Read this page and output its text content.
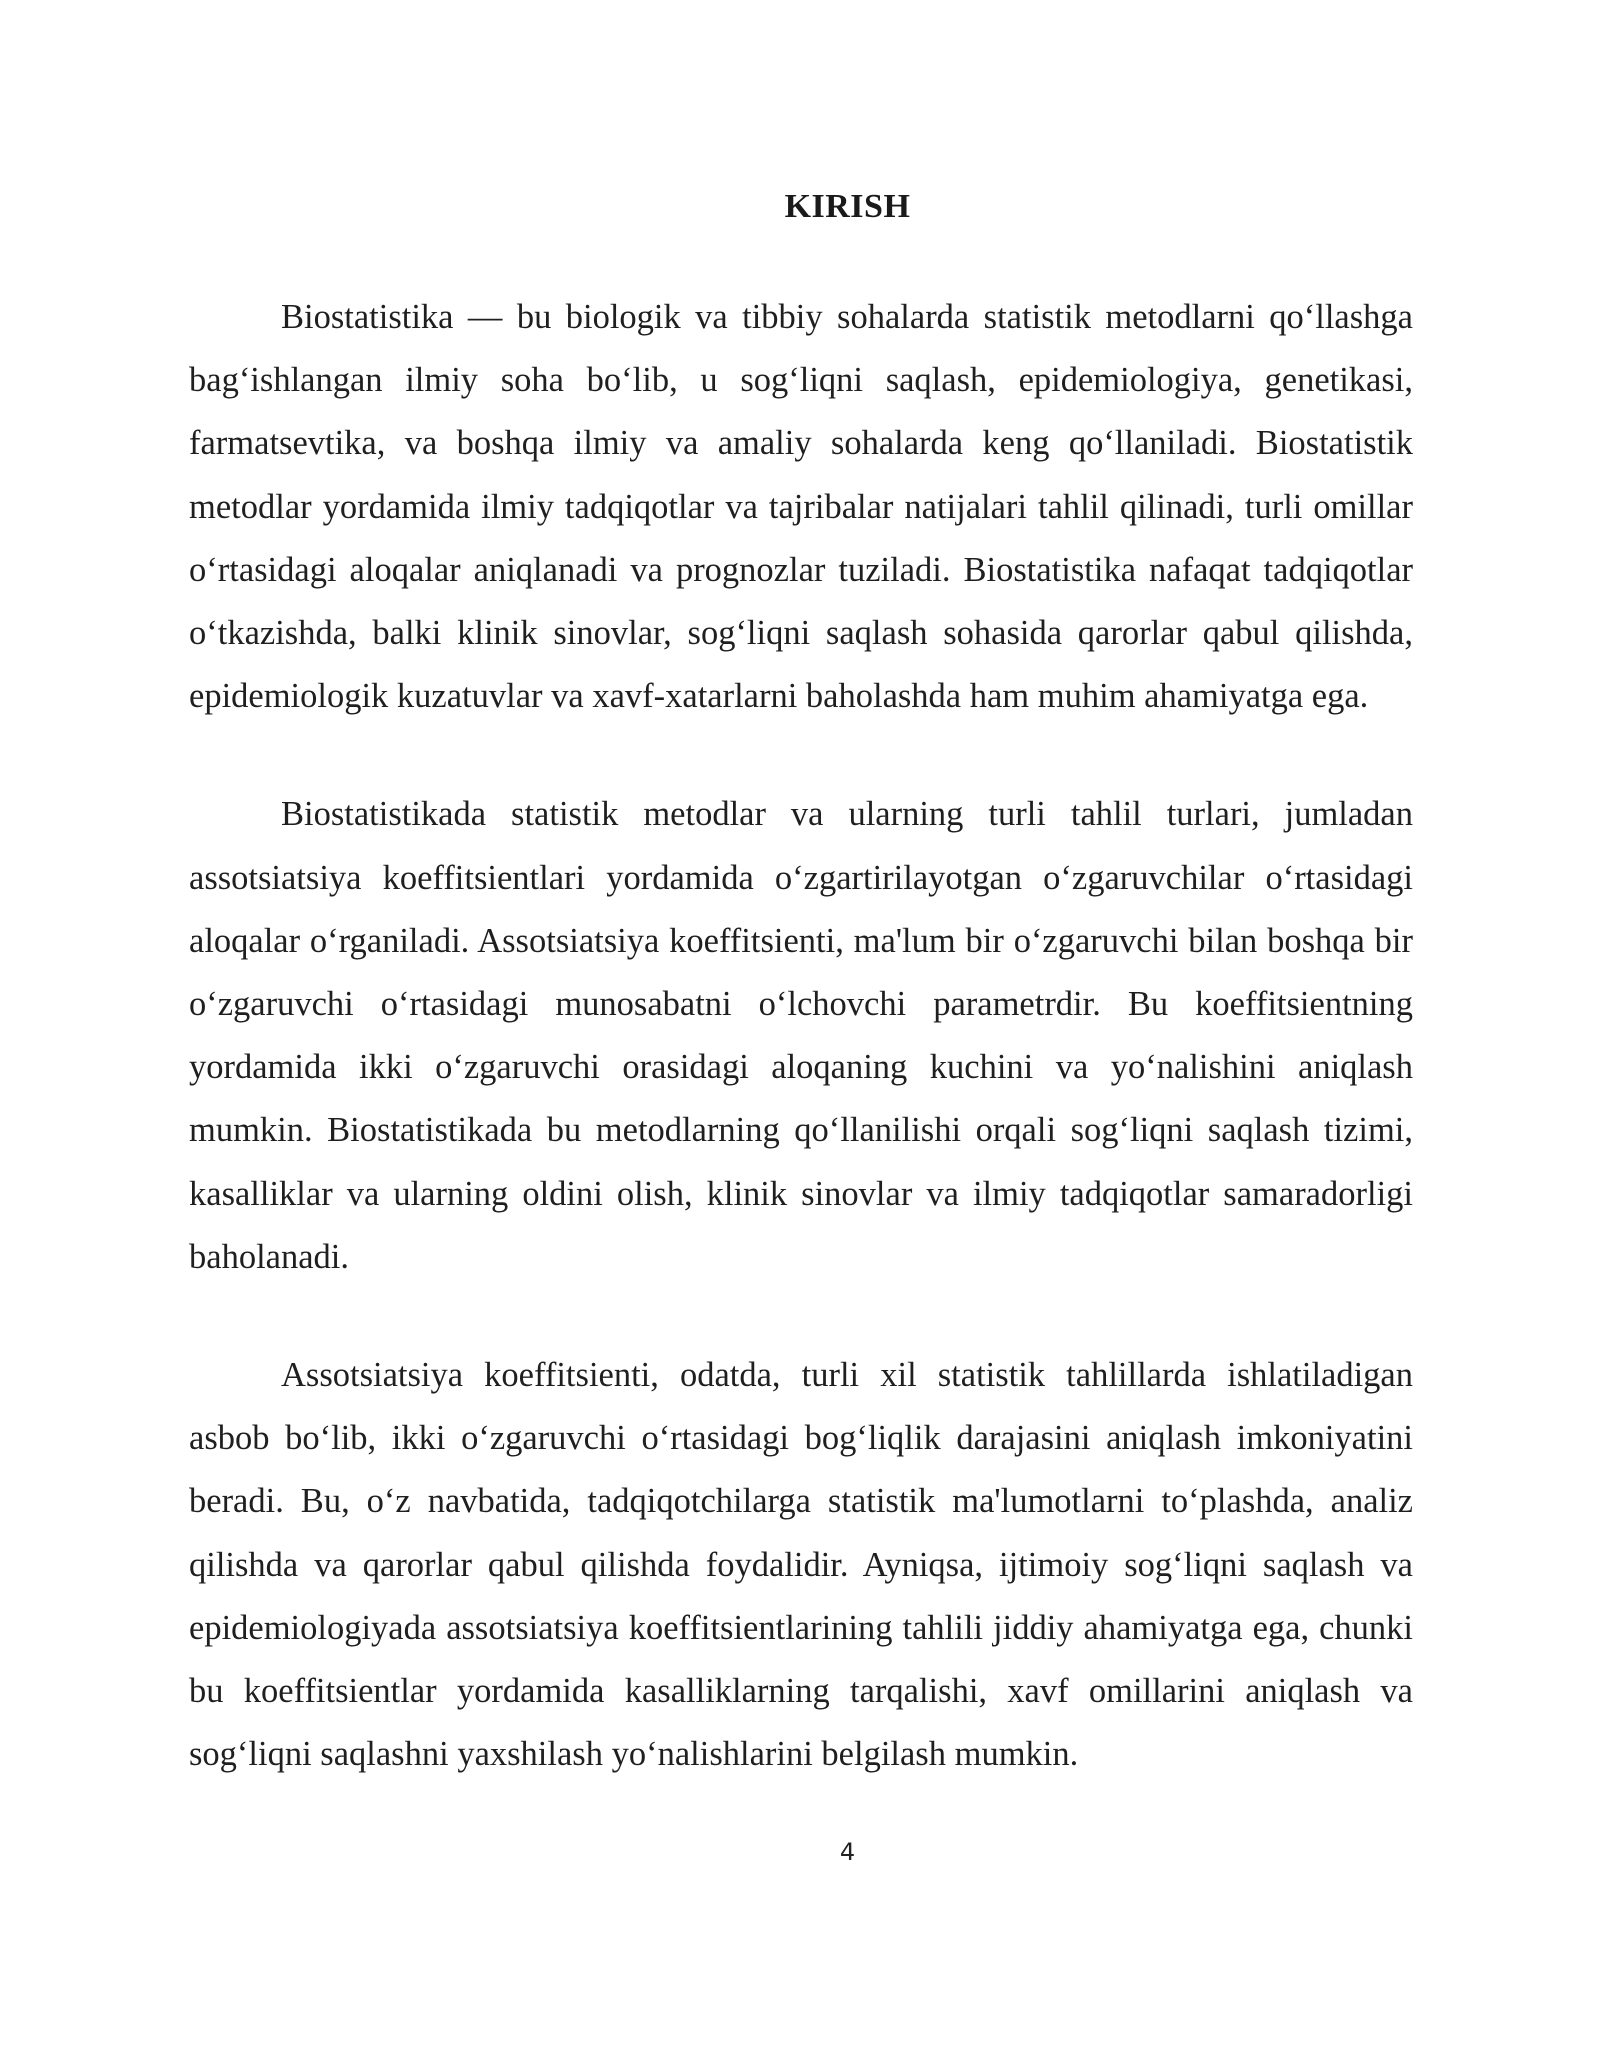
KIRISH

Biostatistika — bu biologik va tibbiy sohalarda statistik metodlarni qo‘llashga bag‘ishlangan ilmiy soha bo‘lib, u sog‘liqni saqlash, epidemiologiya, genetikasi, farmatsevtika, va boshqa ilmiy va amaliy sohalarda keng qo‘llaniladi. Biostatistik metodlar yordamida ilmiy tadqiqotlar va tajribalar natijalari tahlil qilinadi, turli omillar o‘rtasidagi aloqalar aniqlanadi va prognozlar tuziladi. Biostatistika nafaqat tadqiqotlar o‘tkazishda, balki klinik sinovlar, sog‘liqni saqlash sohasida qarorlar qabul qilishda, epidemiologik kuzatuvlar va xavf-xatarlarni baholashda ham muhim ahamiyatga ega.

Biostatistikada statistik metodlar va ularning turli tahlil turlari, jumladan assotsiatsiya koeffitsientlari yordamida o‘zgartirilayotgan o‘zgaruvchilar o‘rtasidagi aloqalar o‘rganiladi. Assotsiatsiya koeffitsienti, ma'lum bir o‘zgaruvchi bilan boshqa bir o‘zgaruvchi o‘rtasidagi munosabatni o‘lchovchi parametrdir. Bu koeffitsientning yordamida ikki o‘zgaruvchi orasidagi aloqaning kuchini va yo‘nalishini aniqlash mumkin. Biostatistikada bu metodlarning qo‘llanilishi orqali sog‘liqni saqlash tizimi, kasalliklar va ularning oldini olish, klinik sinovlar va ilmiy tadqiqotlar samaradorligi baholanadi.

Assotsiatsiya koeffitsienti, odatda, turli xil statistik tahlillarda ishlatiladigan asbob bo‘lib, ikki o‘zgaruvchi o‘rtasidagi bog‘liqlik darajasini aniqlash imkoniyatini beradi. Bu, o‘z navbatida, tadqiqotchilarga statistik ma'lumotlarni to‘plashda, analiz qilishda va qarorlar qabul qilishda foydalidir. Ayniqsa, ijtimoiy sog‘liqni saqlash va epidemiologiyada assotsiatsiya koeffitsientlarining tahlili jiddiy ahamiyatga ega, chunki bu koeffitsientlar yordamida kasalliklarning tarqalishi, xavf omillarini aniqlash va sog‘liqni saqlashni yaxshilash yo‘nalishlarini belgilash mumkin.

4
